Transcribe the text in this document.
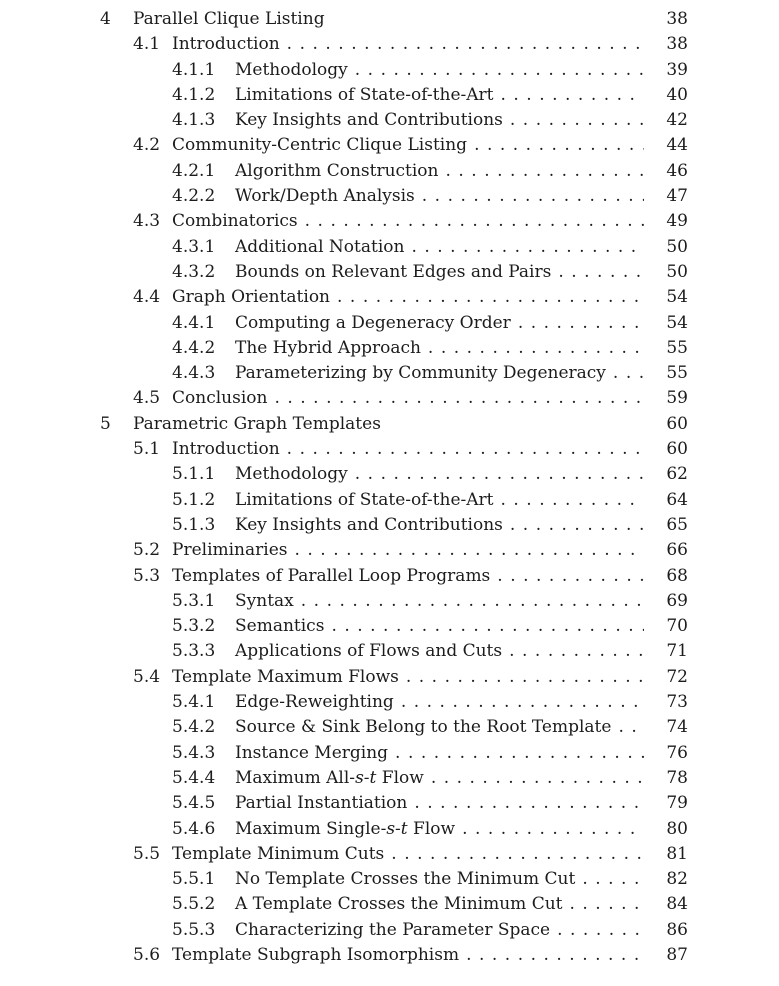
4	Parallel Clique Listing	38
4.1 Introduction .....	38
4.1.1	Methodology .....	39
4.1.2	Limitations of State-of-the-Art .....	40
4.1.3	Key Insights and Contributions .....	42
4.2 Community-Centric Clique Listing .....	44
4.2.1	Algorithm Construction .....	46
4.2.2	Work/Depth Analysis .....	47
4.3 Combinatorics .....	49
4.3.1	Additional Notation .....	50
4.3.2	Bounds on Relevant Edges and Pairs .....	50
4.4 Graph Orientation .....	54
4.4.1	Computing a Degeneracy Order .....	54
4.4.2	The Hybrid Approach .....	55
4.4.3	Parameterizing by Community Degeneracy .....	55
4.5 Conclusion .....	59
5	Parametric Graph Templates	60
5.1 Introduction .....	60
5.1.1	Methodology .....	62
5.1.2	Limitations of State-of-the-Art .....	64
5.1.3	Key Insights and Contributions .....	65
5.2 Preliminaries .....	66
5.3 Templates of Parallel Loop Programs .....	68
5.3.1	Syntax .....	69
5.3.2	Semantics .....	70
5.3.3	Applications of Flows and Cuts .....	71
5.4 Template Maximum Flows .....	72
5.4.1	Edge-Reweighting .....	73
5.4.2	Source & Sink Belong to the Root Template .....	74
5.4.3	Instance Merging .....	76
5.4.4	Maximum All-s-t Flow .....	78
5.4.5	Partial Instantiation .....	79
5.4.6	Maximum Single-s-t Flow .....	80
5.5 Template Minimum Cuts .....	81
5.5.1	No Template Crosses the Minimum Cut .....	82
5.5.2	A Template Crosses the Minimum Cut .....	84
5.5.3	Characterizing the Parameter Space .....	86
5.6 Template Subgraph Isomorphism .....	87
